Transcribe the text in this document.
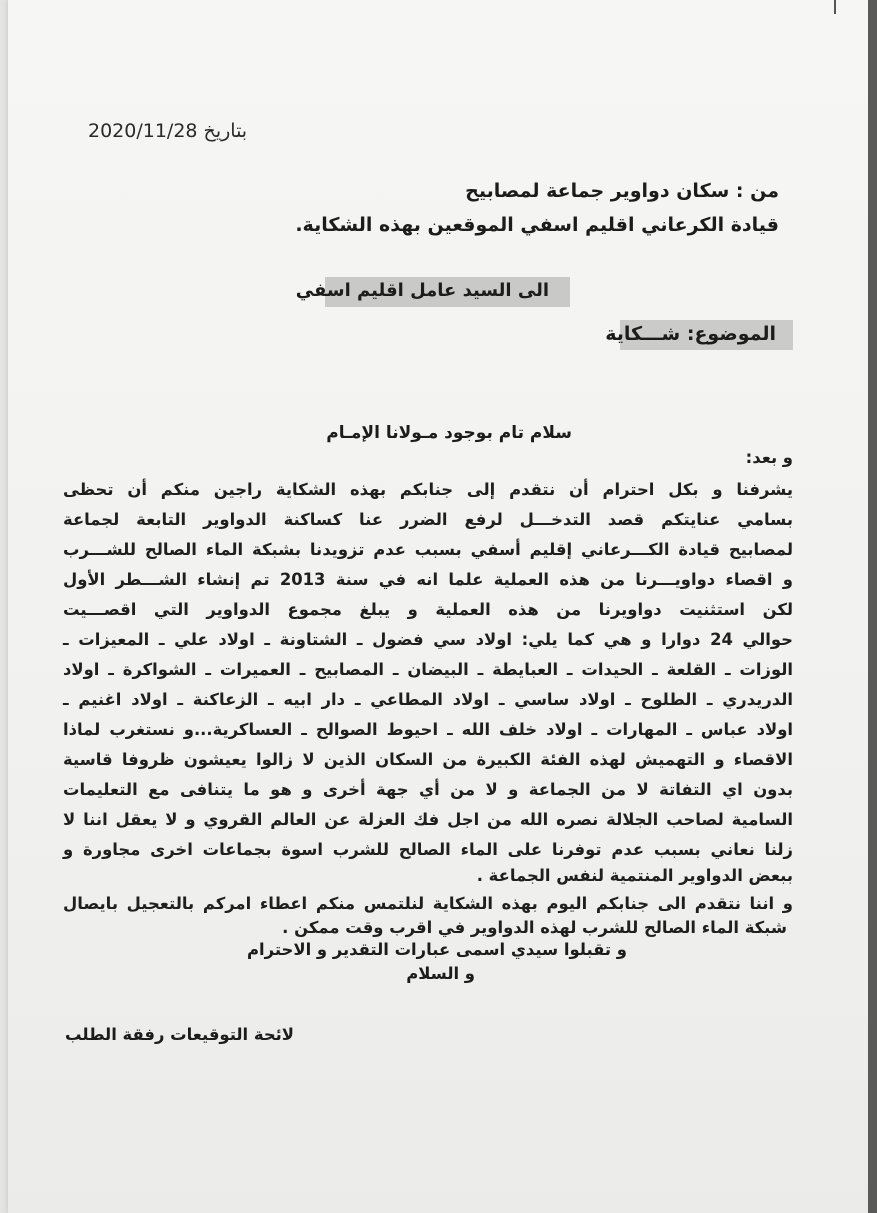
بتاريخ 2020/11/28
من : سكان دواوير جماعة لمصابيح
قيادة الكرعاني اقليم اسفي الموقعين بهذه الشكاية.
الى السيد عامل اقليم اسفي
الموضوع: شـــكاية
سلام تام بوجود مـولانا الإمـام
و بعد:
يشرفنا و بكل احترام أن نتقدم إلى جنابكم بهذه الشكاية راجين منكم أن تحظى
بسامي عنايتكم قصد التدخـــل لرفع الضرر عنا كساكنة الدواوير التابعة لجماعة
لمصابيح قيادة الكـــرعاني إقليم أسفي بسبب عدم تزويدنا بشبكة الماء الصالح للشـــرب
و اقصاء دواويـــرنا من هذه العملية علما انه في سنة 2013 تم إنشاء الشـــطر الأول
لكن استثنيت دواويرنا من هذه العملية و يبلغ مجموع الدواوير التي اقصـــيت
حوالي 24 دوارا و هي كما يلي: اولاد سي فضول ـ الشتاونة ـ اولاد علي ـ المعيزات ـ
الوزات ـ القلعة ـ الحيدات ـ العبايطة ـ البيضان ـ المصابيح ـ العميرات ـ الشواكرة ـ اولاد
الدريدري ـ الطلوح ـ اولاد ساسي ـ اولاد المطاعي ـ دار ابيه ـ الزعاكنة ـ اولاد اغنيم ـ
اولاد عباس ـ المهارات ـ اولاد خلف الله ـ احيوط الصوالح ـ العساكرية...و نستغرب لماذا
الاقصاء و التهميش لهذه الفئة الكبيرة من السكان الذين لا زالوا يعيشون ظروفا قاسية
بدون اي التفاتة لا من الجماعة و لا من أي جهة أخرى و هو ما يتنافى مع التعليمات
السامية لصاحب الجلالة نصره الله من اجل فك العزلة عن العالم القروي و لا يعقل اننا لا
زلنا نعاني بسبب عدم توفرنا على الماء الصالح للشرب اسوة بجماعات اخرى مجاورة و
ببعض الدواوير المنتمية لنفس الجماعة .
و اننا نتقدم الى جنابكم اليوم بهذه الشكاية لنلتمس منكم اعطاء امركم بالتعجيل بايصال
شبكة الماء الصالح للشرب لهذه الدواوير في اقرب وقت ممكن .
و تقبلوا سيدي اسمى عبارات التقدير و الاحترام
و السلام
لائحة التوقيعات رفقة الطلب
